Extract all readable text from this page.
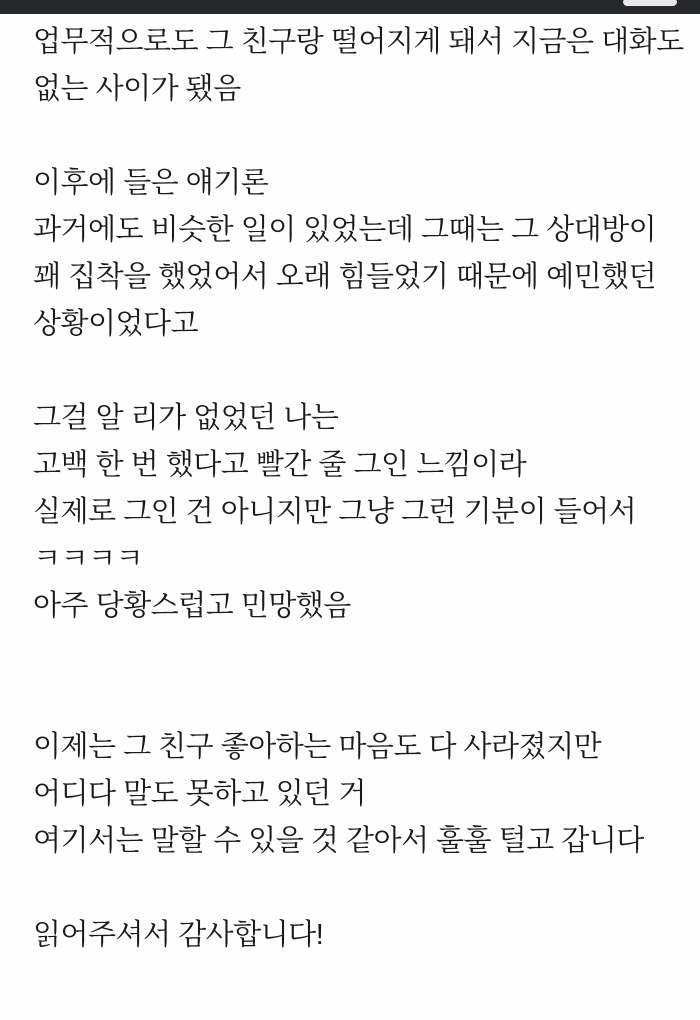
업무적으로도 그 친구랑 떨어지게 돼서 지금은 대화도
없는 사이가 됐음
이후에 들은 얘기론
과거에도 비슷한 일이 있었는데 그때는 그 상대방이
꽤 집착을 했었어서 오래 힘들었기 때문에 예민했던
상황이었다고
그걸 알 리가 없었던 나는
고백 한 번 했다고 빨간 줄 그인 느낌이라
실제로 그인 건 아니지만 그냥 그런 기분이 들어서
ㅋㅋㅋㅋ
아주 당황스럽고 민망했음
이제는 그 친구 좋아하는 마음도 다 사라졌지만
어디다 말도 못하고 있던 거
여기서는 말할 수 있을 것 같아서 훌훌 털고 갑니다
읽어주셔서 감사합니다!
